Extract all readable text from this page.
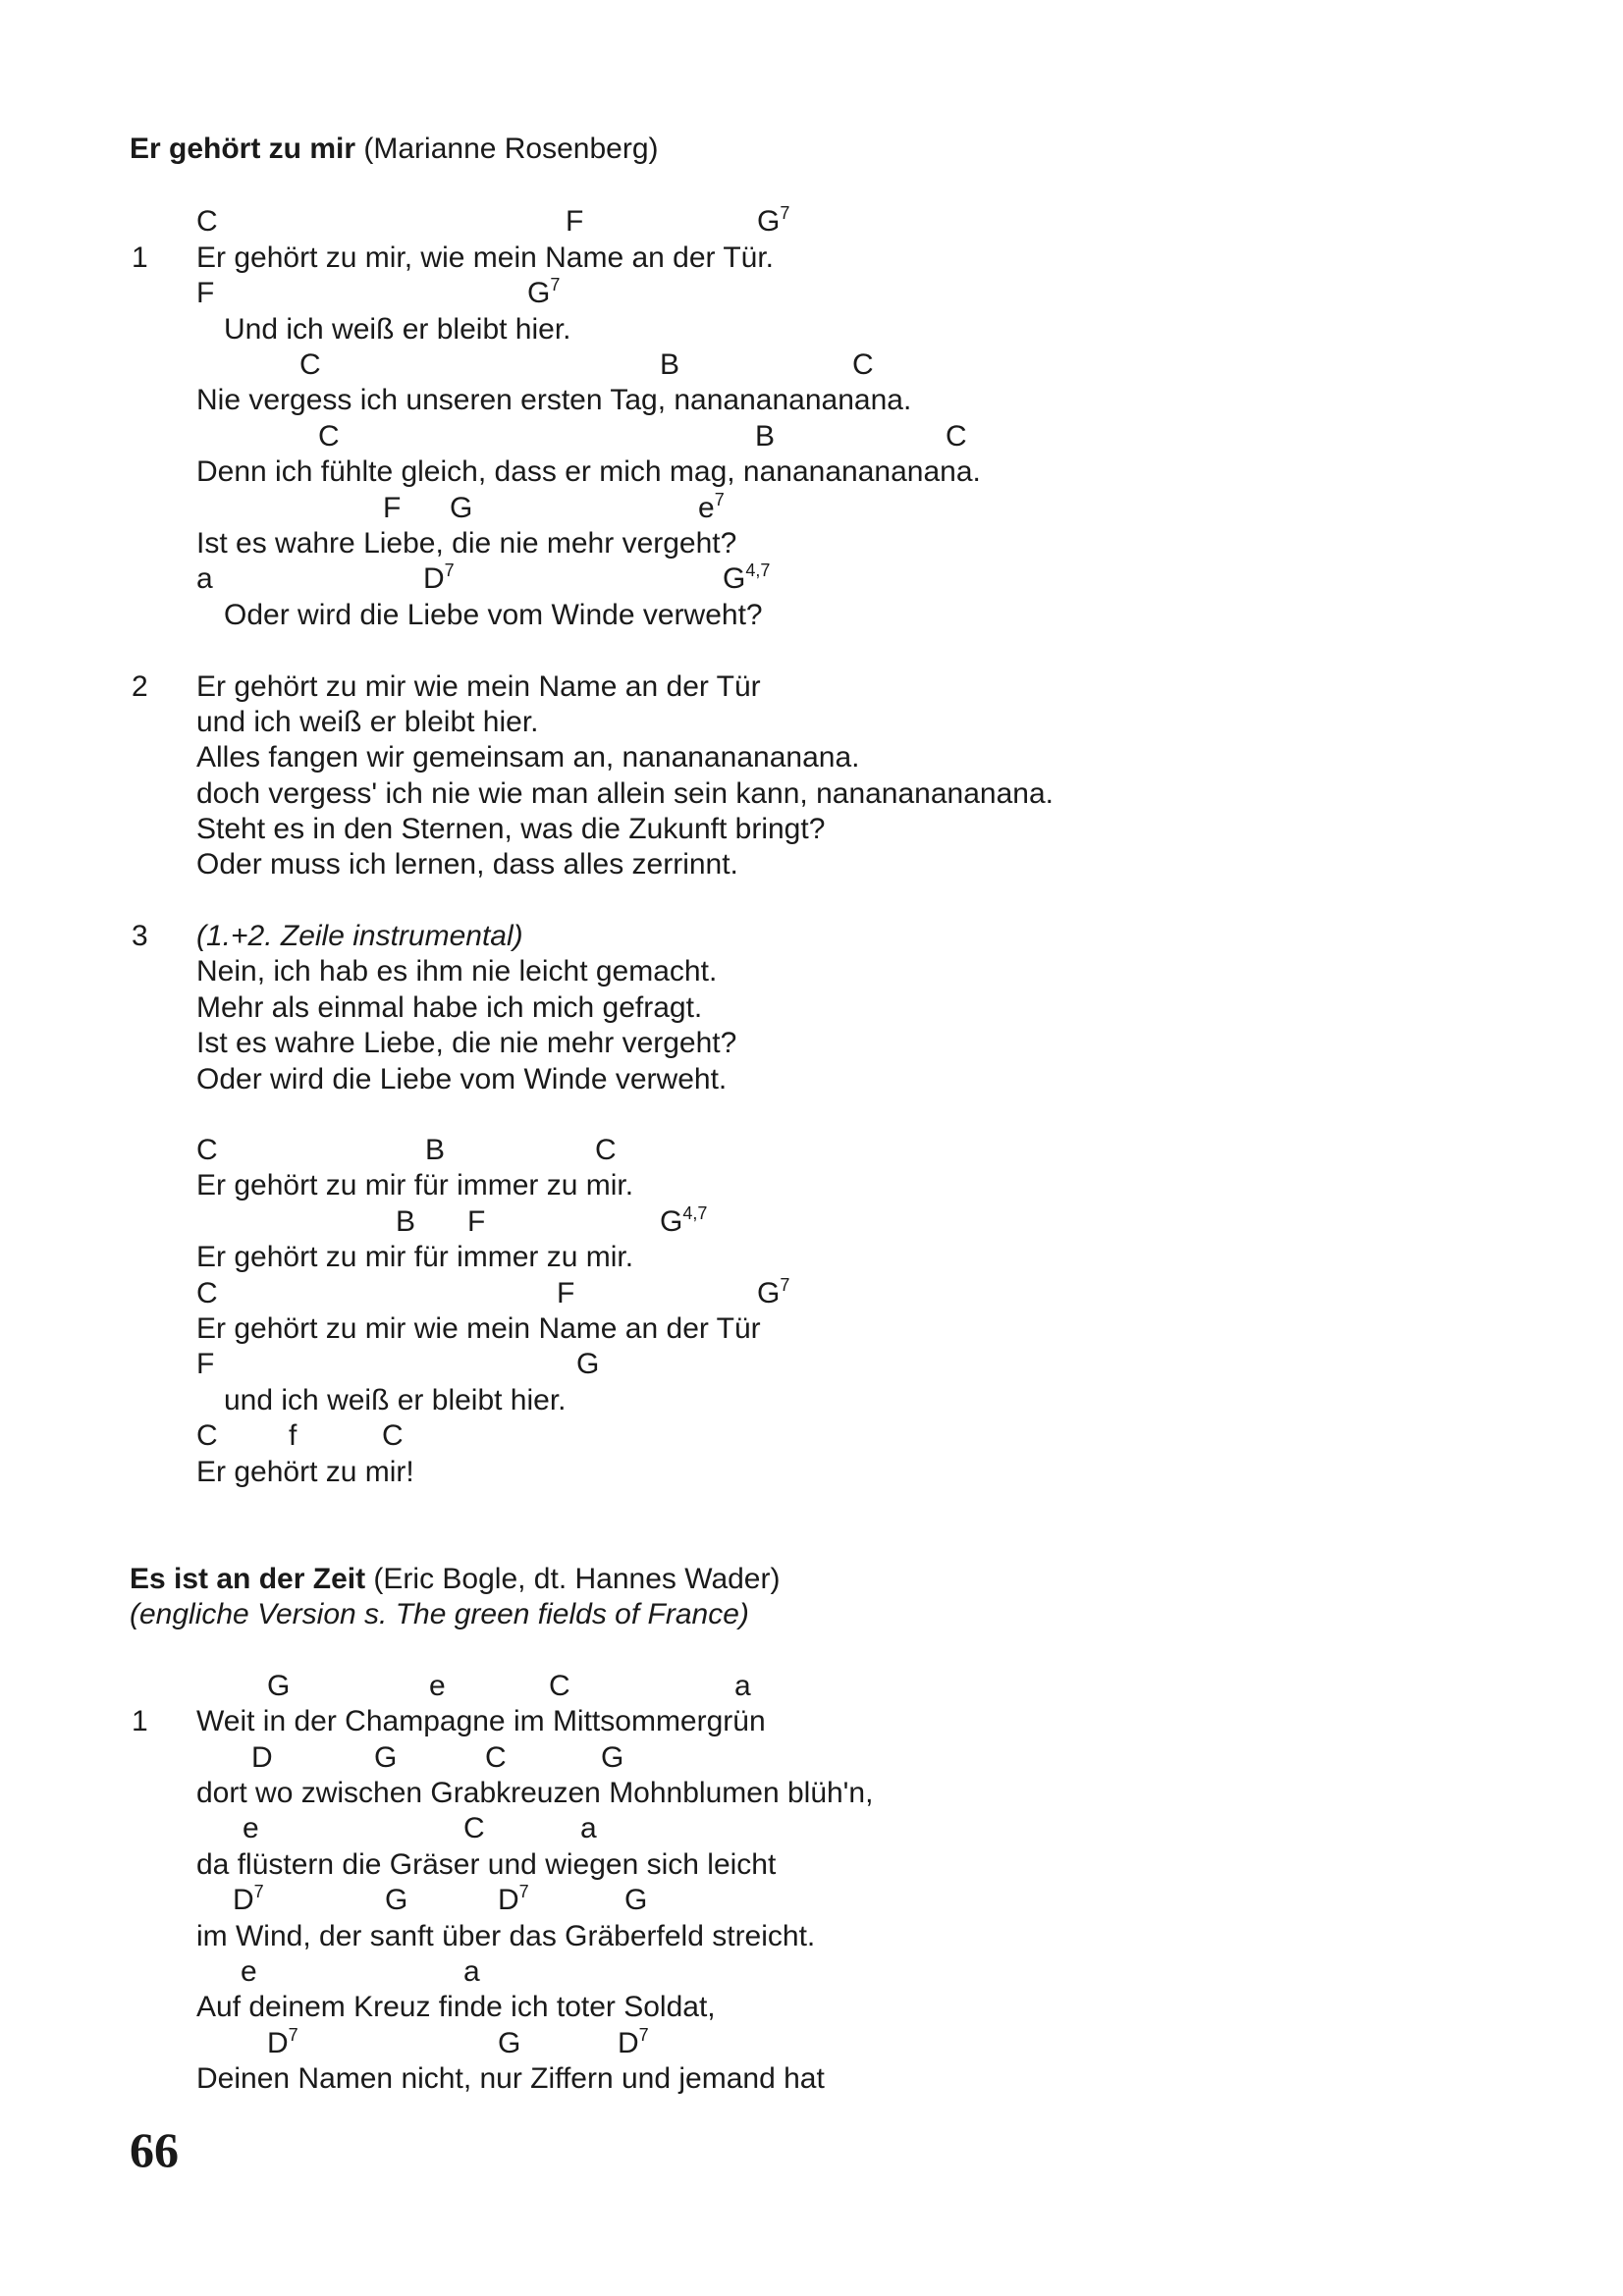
Er gehört zu mir (Marianne Rosenberg)
C	F	$G^7$
1 Er gehört zu mir, wie mein Name an der Tür.
F	$G^7$
Und ich weiß er bleibt hier.
C	B	C
Nie vergess ich unseren ersten Tag, nanananananana.
C	B	C
Denn ich fühlte gleich, dass er mich mag, nanananananana.
F G	$e^7$
Ist es wahre Liebe, die nie mehr vergeht?
a	$D^7$	G$^{4,7}$
Oder wird die Liebe vom Winde verweht?
2 Er gehört zu mir wie mein Name an der Tür
und ich weiß er bleibt hier.
Alles fangen wir gemeinsam an, nanananananana.
doch vergess' ich nie wie man allein sein kann, nanananananana.
Steht es in den Sternen, was die Zukunft bringt?
Oder muss ich lernen, dass alles zerrinnt.
3 (1.+2. Zeile instrumental)
Nein, ich hab es ihm nie leicht gemacht.
Mehr als einmal habe ich mich gefragt.
Ist es wahre Liebe, die nie mehr vergeht?
Oder wird die Liebe vom Winde verweht.
C	B	C
Er gehört zu mir für immer zu mir.
B F	G$^{4,7}$
Er gehört zu mir für immer zu mir.
C	F	$G^7$
Er gehört zu mir wie mein Name an der Tür
F	G
und ich weiß er bleibt hier.
C f	C
Er gehört zu mir!
Es ist an der Zeit (Eric Bogle, dt. Hannes Wader)
(engliche Version s. The green fields of France)
G	e	C	a
1 Weit in der Champagne im Mittsommergrün
D	G	C	G
dort wo zwischen Grabkreuzen Mohnblumen blüh'n,
e	C	a
da flüstern die Gräser und wiegen sich leicht
$D^7$	G	$D^7$	G
im Wind, der sanft über das Gräberfeld streicht.
e	a
Auf deinem Kreuz finde ich toter Soldat,
$D^7$	G	$D^7$
Deinen Namen nicht, nur Ziffern und jemand hat
66
